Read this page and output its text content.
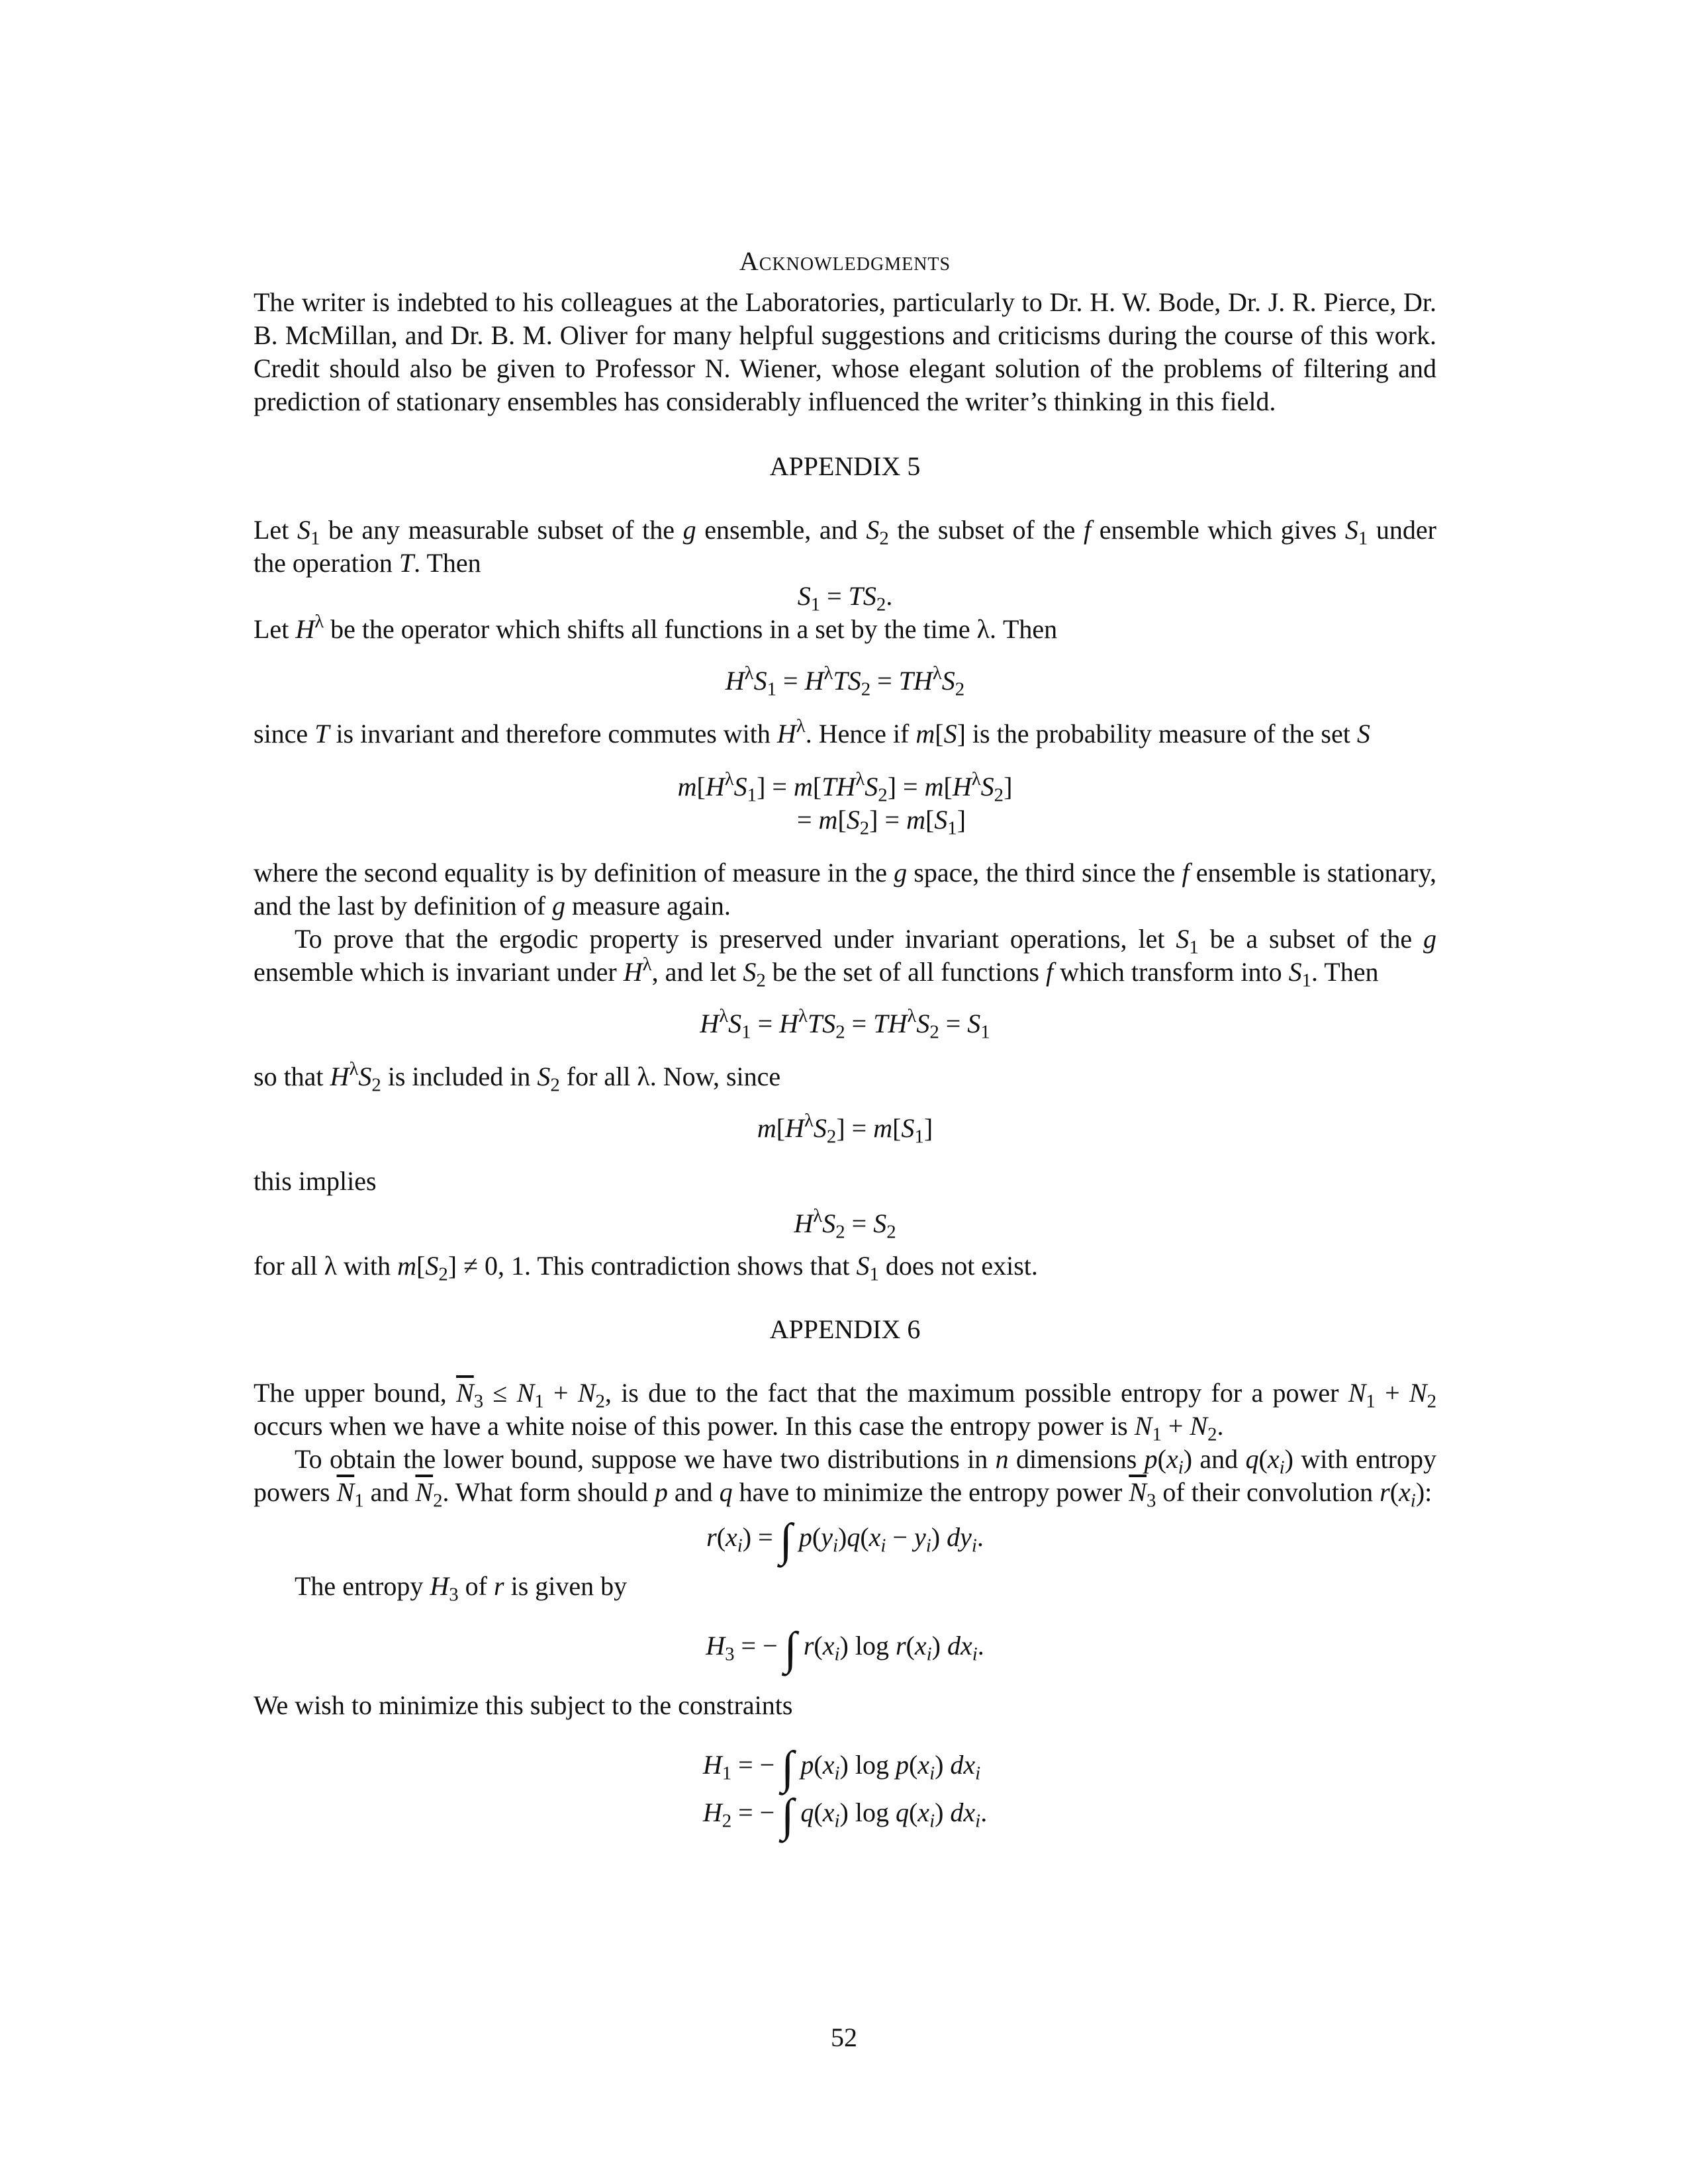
Acknowledgments

The writer is indebted to his colleagues at the Laboratories, particularly to Dr. H. W. Bode, Dr. J. R. Pierce, Dr. B. McMillan, and Dr. B. M. Oliver for many helpful suggestions and criticisms during the course of this work. Credit should also be given to Professor N. Wiener, whose elegant solution of the problems of filtering and prediction of stationary ensembles has considerably influenced the writer’s thinking in this field.

APPENDIX 5

Let $S_1$ be any measurable subset of the g ensemble, and $S_2$ the subset of the f ensemble which gives $S_1$ under the operation T. Then

$S_1 = TS_2$.

Let $H^\lambda$ be the operator which shifts all functions in a set by the time λ. Then

$H^\lambda S_1 = H^\lambda TS_2 = TH^\lambda S_2$

since T is invariant and therefore commutes with $H^\lambda$. Hence if m[S] is the probability measure of the set S

$m[H^\lambda S_1] = m[TH^\lambda S_2] = m[H^\lambda S_2]$
= $m[S_2] = m[S_1]$

where the second equality is by definition of measure in the g space, the third since the f ensemble is stationary, and the last by definition of g measure again.

To prove that the ergodic property is preserved under invariant operations, let $S_1$ be a subset of the g ensemble which is invariant under $H^\lambda$, and let $S_2$ be the set of all functions f which transform into $S_1$. Then

$H^\lambda S_1 = H^\lambda TS_2 = TH^\lambda S_2 = S_1$

so that $H^\lambda S_2$ is included in $S_2$ for all λ. Now, since

$m[H^\lambda S_2] = m[S_1]$

this implies

$H^\lambda S_2 = S_2$

for all λ with $m[S_2] \ne 0$, 1. This contradiction shows that $S_1$ does not exist.

APPENDIX 6

The upper bound, $\overline{N}_3 \le N_1 + N_2$, is due to the fact that the maximum possible entropy for a power $N_1 + N_2$ occurs when we have a white noise of this power. In this case the entropy power is $N_1 + N_2$.

To obtain the lower bound, suppose we have two distributions in n dimensions $p(x_i)$ and $q(x_i)$ with entropy powers $\overline{N}_1$ and $\overline{N}_2$. What form should p and q have to minimize the entropy power $\overline{N}_3$ of their convolution $r(x_i)$:

$r(x_i)$ = ∫ $p(y_i)q(x_i - y_i)$ $dy_i$.

The entropy $H_3$ of r is given by

$H_3$ = − ∫ $r(x_i)$ $\log r(x_i)$ $dx_i$.

We wish to minimize this subject to the constraints

$H_1$ = − ∫ $p(x_i)$ $\log p(x_i)$ $dx_i$
$H_2$ = − ∫ $q(x_i)$ $\log q(x_i)$ $dx_i$.
52
